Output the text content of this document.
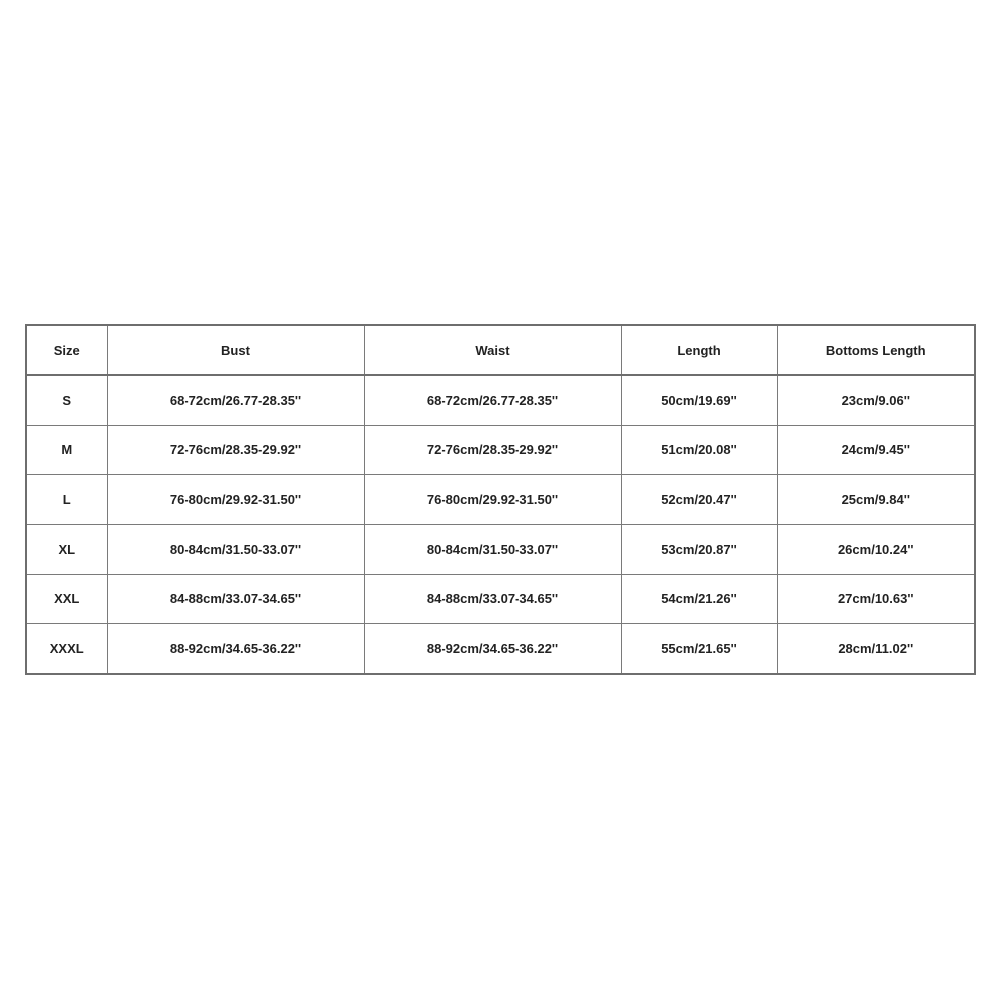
Size	Bust	Waist	Length	Bottoms Length
S	68-72cm/26.77-28.35''	68-72cm/26.77-28.35''	50cm/19.69''	23cm/9.06''
M	72-76cm/28.35-29.92''	72-76cm/28.35-29.92''	51cm/20.08''	24cm/9.45''
L	76-80cm/29.92-31.50''	76-80cm/29.92-31.50''	52cm/20.47''	25cm/9.84''
XL	80-84cm/31.50-33.07''	80-84cm/31.50-33.07''	53cm/20.87''	26cm/10.24''
XXL	84-88cm/33.07-34.65''	84-88cm/33.07-34.65''	54cm/21.26''	27cm/10.63''
XXXL	88-92cm/34.65-36.22''	88-92cm/34.65-36.22''	55cm/21.65''	28cm/11.02''
